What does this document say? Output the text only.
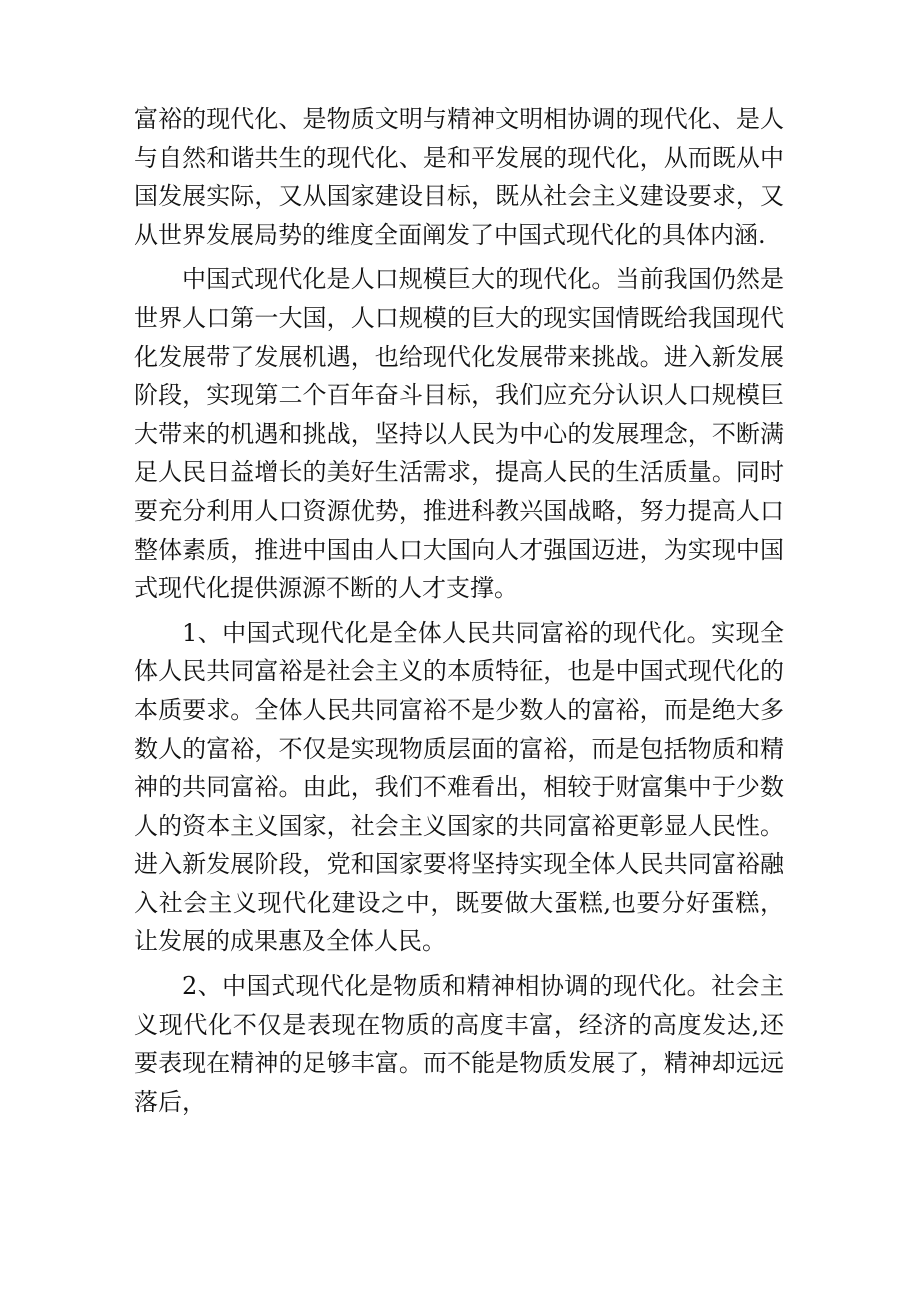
富裕的现代化、是物质文明与精神文明相协调的现代化、是人与自然和谐共生的现代化、是和平发展的现代化，从而既从中国发展实际，又从国家建设目标，既从社会主义建设要求，又从世界发展局势的维度全面阐发了中国式现代化的具体内涵.

中国式现代化是人口规模巨大的现代化。当前我国仍然是世界人口第一大国，人口规模的巨大的现实国情既给我国现代化发展带了发展机遇，也给现代化发展带来挑战。进入新发展阶段，实现第二个百年奋斗目标，我们应充分认识人口规模巨大带来的机遇和挑战，坚持以人民为中心的发展理念，不断满足人民日益增长的美好生活需求，提高人民的生活质量。同时要充分利用人口资源优势，推进科教兴国战略，努力提高人口整体素质，推进中国由人口大国向人才强国迈进，为实现中国式现代化提供源源不断的人才支撑。

1、中国式现代化是全体人民共同富裕的现代化。实现全体人民共同富裕是社会主义的本质特征，也是中国式现代化的本质要求。全体人民共同富裕不是少数人的富裕，而是绝大多数人的富裕，不仅是实现物质层面的富裕，而是包括物质和精神的共同富裕。由此，我们不难看出，相较于财富集中于少数人的资本主义国家，社会主义国家的共同富裕更彰显人民性。进入新发展阶段，党和国家要将坚持实现全体人民共同富裕融入社会主义现代化建设之中，既要做大蛋糕,也要分好蛋糕，让发展的成果惠及全体人民。

2、中国式现代化是物质和精神相协调的现代化。社会主义现代化不仅是表现在物质的高度丰富，经济的高度发达,还要表现在精神的足够丰富。而不能是物质发展了，精神却远远落后，
